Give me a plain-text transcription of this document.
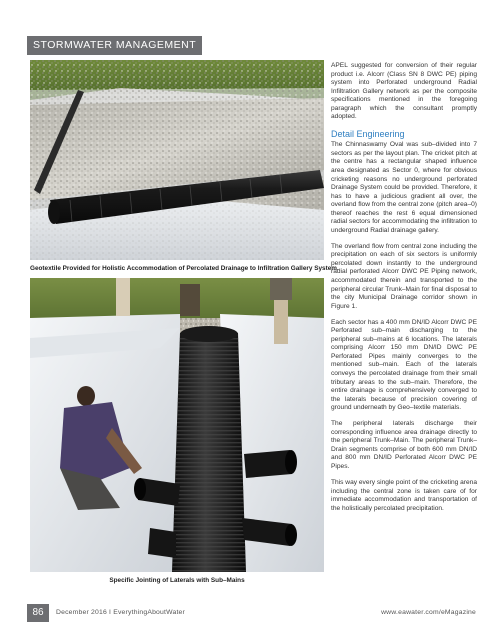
STORMWATER MANAGEMENT
Geotextile Provided for Holistic Accommodation of Percolated Drainage to Infiltration Gallery System.
Specific Jointing of Laterals with Sub–Mains

APEL suggested for conversion of their regular product i.e. Alcorr (Class SN 8 DWC PE) piping system into Perforated underground Radial Infiltration Gallery network as per the composite specifications mentioned in the foregoing paragraph which the consultant promptly adopted.

Detail Engineering

The Chinnaswamy Oval was sub–divided into 7 sectors as per the layout plan. The cricket pitch at the centre has a rectangular shaped influence area designated as Sector 0, where for obvious cricketing reasons no underground perforated Drainage System could be provided. Therefore, it has to have a judicious gradient all over, the overland flow from the central zone (pitch area–0) thereof reaches the rest 6 equal dimensioned radial sectors for accommodating the infiltration to underground Radial drainage gallery.

The overland flow from central zone including the precipitation on each of six sectors is uniformly percolated down instantly to the underground radial perforated Alcorr DWC PE Piping network, accommodated therein and transported to the peripheral circular Trunk–Main for final disposal to the city Municipal Drainage corridor shown in Figure 1.

Each sector has a 400 mm DN/ID Alcorr DWC PE Perforated sub–main discharging to the peripheral sub–mains at 6 locations. The laterals comprising Alcorr 150 mm DN/ID DWC PE Perforated Pipes mainly converges to the mentioned sub–main. Each of the laterals conveys the percolated drainage from their small tributary areas to the sub–main. Therefore, the entire drainage is comprehensively converged to the laterals because of precision covering of ground underneath by Geo–textile materials.

The peripheral laterals discharge their corresponding influence area drainage directly to the peripheral Trunk–Main. The peripheral Trunk–Drain segments comprise of both 600 mm DN/ID and 800 mm DN/ID Perforated Alcorr DWC PE Pipes.

This way every single point of the cricketing arena including the central zone is taken care of for immediate accommodation and transportation of the holistically percolated precipitation.

86	December 2016 I EverythingAboutWater	www.eawater.com/eMagazine
